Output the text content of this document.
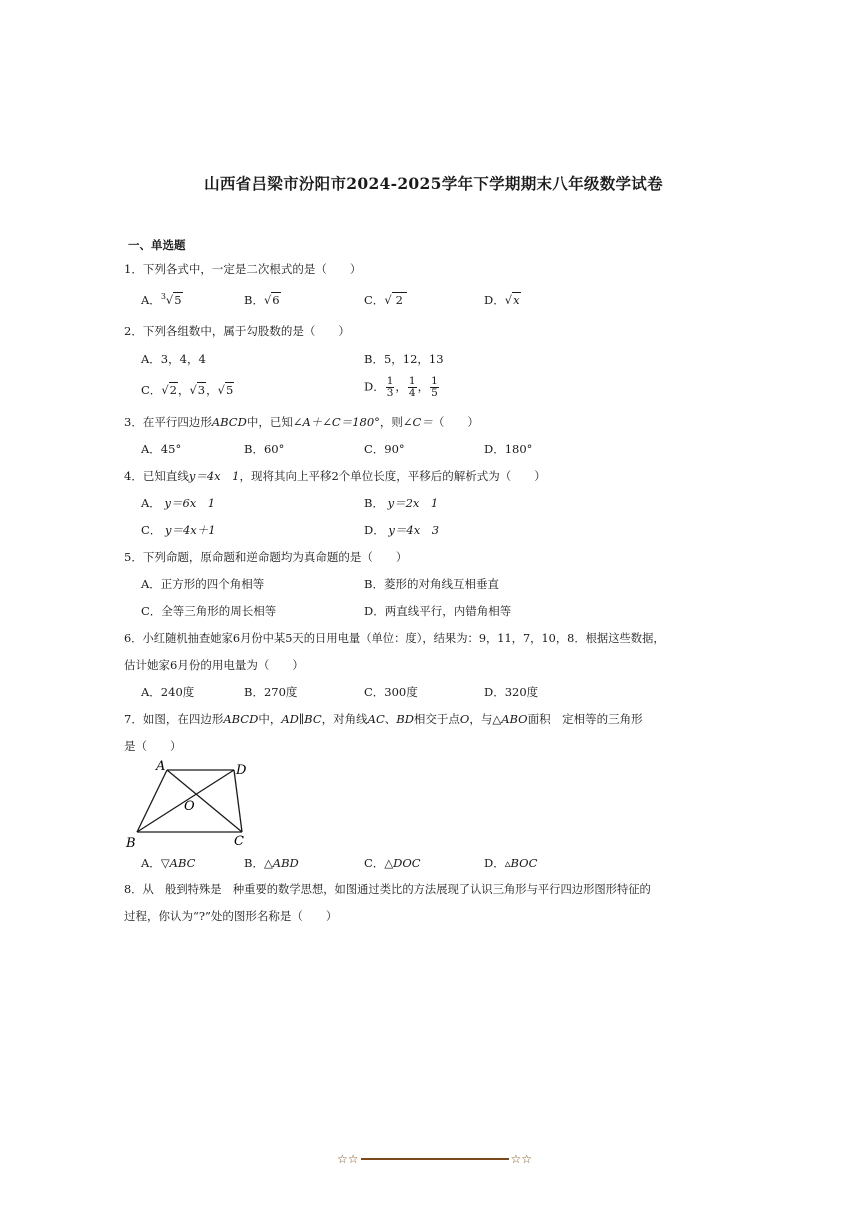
山西省吕梁市汾阳市2024-2025学年下学期期末八年级数学试卷
一、单选题
1．下列各式中，一定是二次根式的是（　　）
A．$^3$√5	B．√6	C．√ 2	D．√x
2．下列各组数中，属于勾股数的是（　　）
A．3，4，4	B．5，12，13
C．√2，√3，√5	D． $\frac{1}{3}$ ， $\frac{1}{4}$ ， $\frac{1}{5}$
3．在平行四边形ABCD中，已知∠A＋∠C＝180°，则∠C＝（　　）
A．45°	B．60°	C．90°	D．180°
4．已知直线y＝4x　1，现将其向上平移2个单位长度，平移后的解析式为（　　）
A． y＝6x　1	B． y＝2x　1
C． y＝4x＋1	D． y＝4x　3
5．下列命题，原命题和逆命题均为真命题的是（　　）
A．正方形的四个角相等	B．菱形的对角线互相垂直
C．全等三角形的周长相等	D．两直线平行，内错角相等
6．小红随机抽查她家6月份中某5天的日用电量（单位：度），结果为：9，11，7，10，8．根据这些数据，
估计她家6月份的用电量为（　　）
A．240度	B．270度	C．300度	D．320度
7．如图，在四边形ABCD中，AD∥BC，对角线AC、BD相交于点O，与△ABO面积　定相等的三角形
是（　　）
A	D
O
B	C
A．▽ABC	B．△ABD	C．△DOC	D．▵BOC
8．从　般到特殊是　种重要的数学思想，如图通过类比的方法展现了认识三角形与平行四边形图形特征的
过程，你认为“?”处的图形名称是（　　）
☆☆	☆☆
